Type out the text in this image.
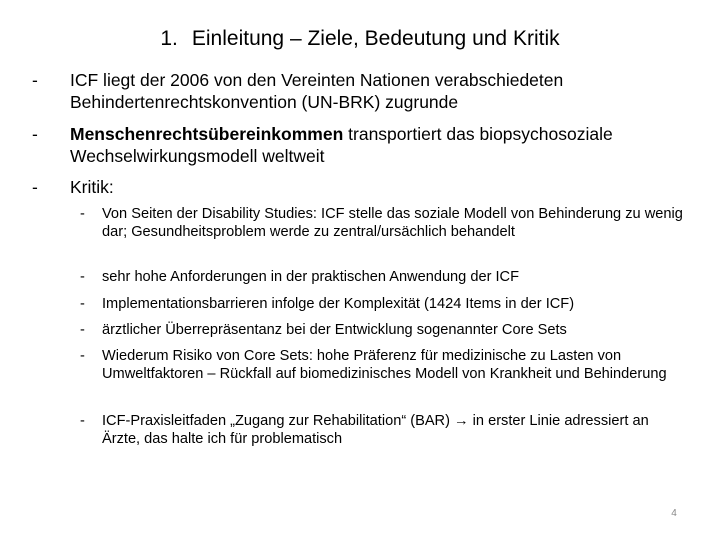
1. Einleitung – Ziele, Bedeutung und Kritik
- ICF liegt der 2006 von den Vereinten Nationen verabschiedeten Behindertenrechtskonvention (UN-BRK) zugrunde
- Menschenrechtsübereinkommen transportiert das biopsychosoziale Wechselwirkungsmodell weltweit
- Kritik:
- Von Seiten der Disability Studies: ICF stelle das soziale Modell von Behinderung zu wenig dar; Gesundheitsproblem werde zu zentral/ursächlich behandelt
- sehr hohe Anforderungen in der praktischen Anwendung der ICF
- Implementationsbarrieren infolge der Komplexität (1424 Items in der ICF)
- ärztlicher Überrepräsentanz bei der Entwicklung sogenannter Core Sets
- Wiederum Risiko von Core Sets: hohe Präferenz für medizinische zu Lasten von Umweltfaktoren – Rückfall auf biomedizinisches Modell von Krankheit und Behinderung
- ICF-Praxisleitfaden „Zugang zur Rehabilitation“ (BAR) → in erster Linie adressiert an Ärzte, das halte ich für problematisch
4
